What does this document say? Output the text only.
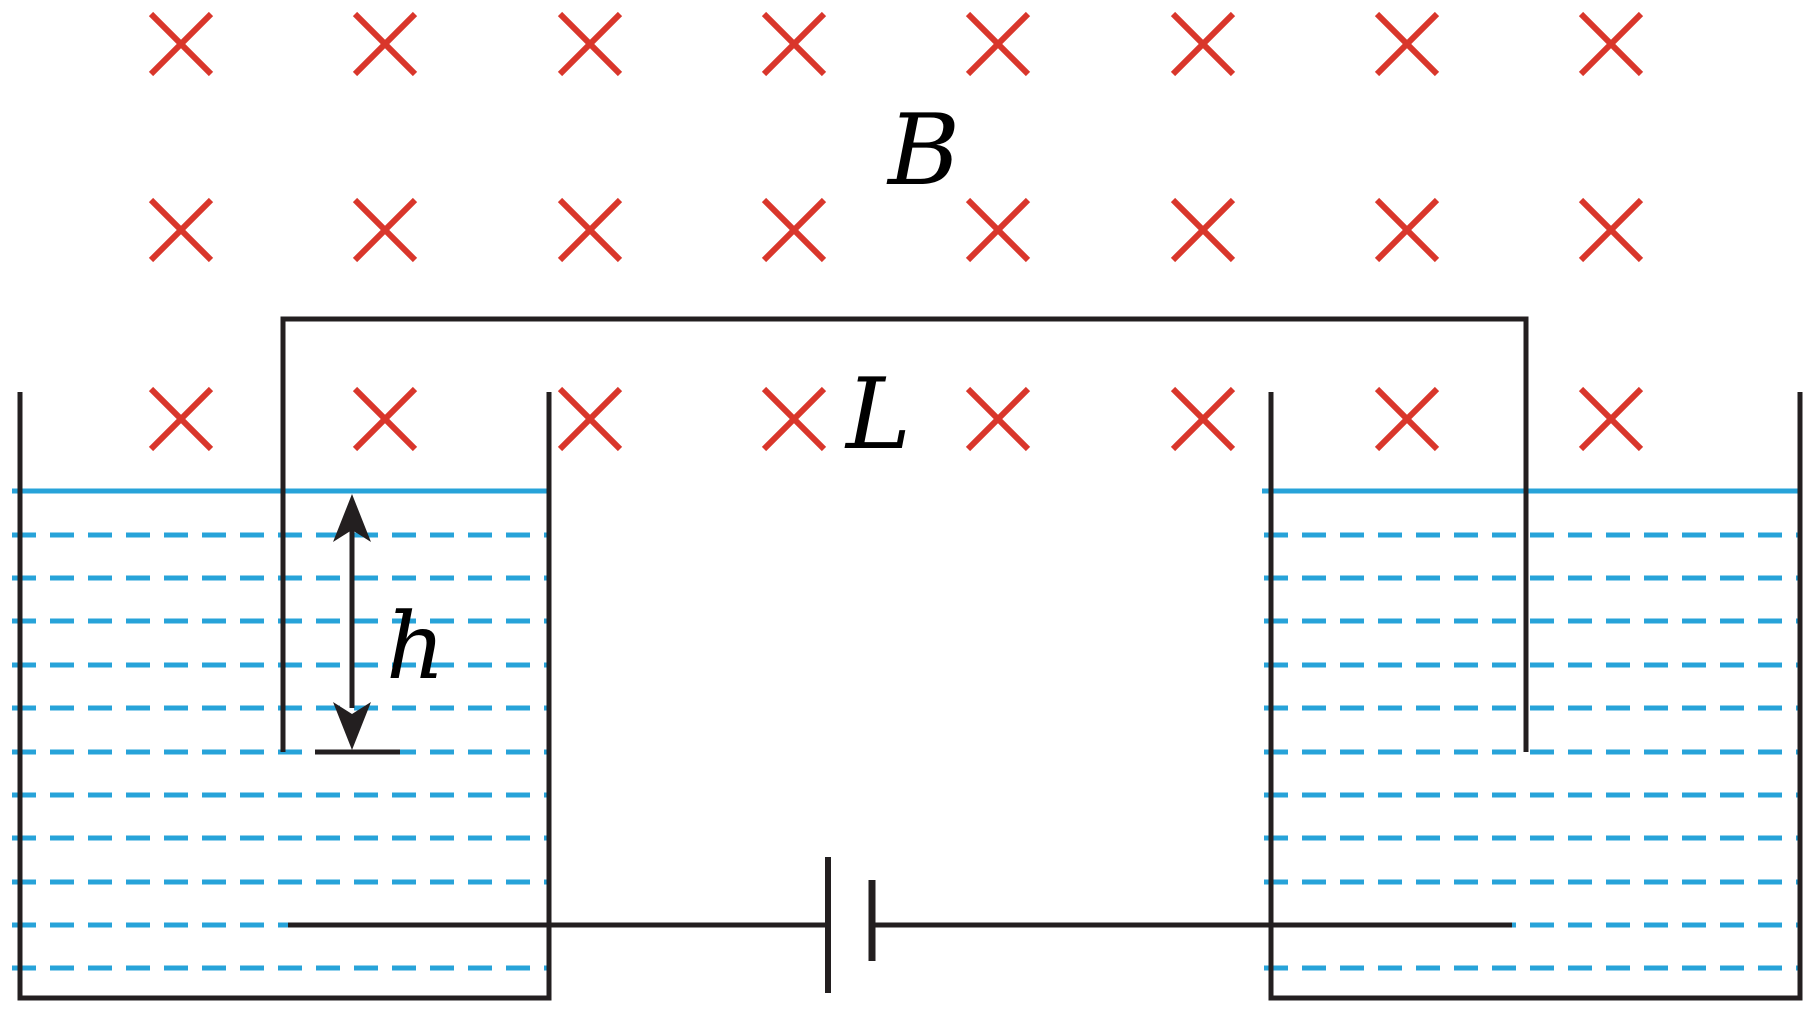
B
L
h
